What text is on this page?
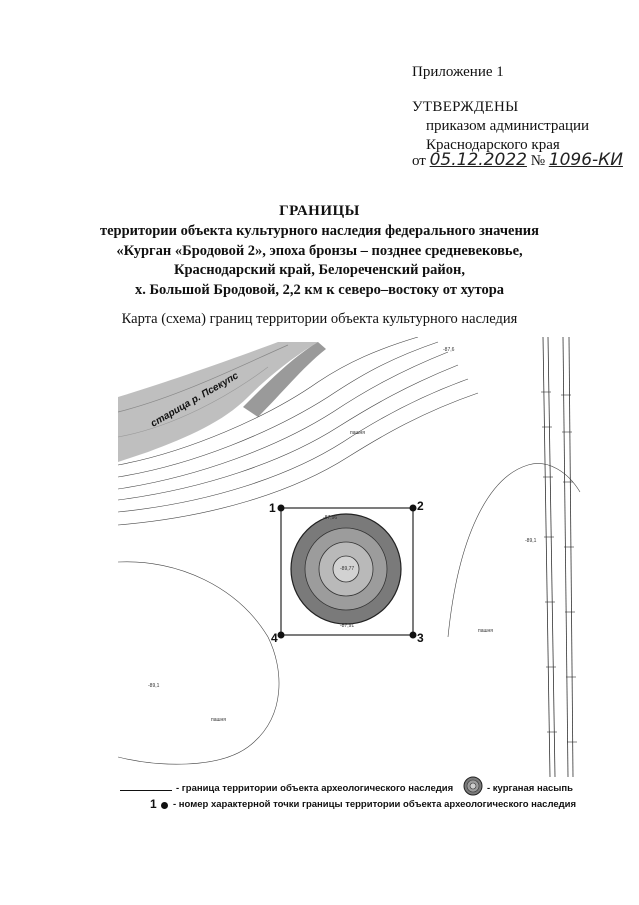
Приложение 1
УТВЕРЖДЕНЫ
приказом администрации
Краснодарского края
от 05.12.2022 № 1096-КИ
ГРАНИЦЫ
территории объекта культурного наследия федерального значения
«Курган «Бродовой 2», эпоха бронзы – позднее средневековье,
Краснодарский край, Белореченский район,
х. Большой Бродовой, 2,2 км к северо–востоку от хутора
Карта (схема) границ территории объекта культурного наследия
1	2
3
4
старица р. Псекупс
-87,6
-87,96
-89,77
-87,91
-89,1
-89,1
пашня
пашня
пашня
- граница территории объекта археологического наследия	- курганая насыпь
1 - номер характерной точки границы территории объекта археологического наследия
